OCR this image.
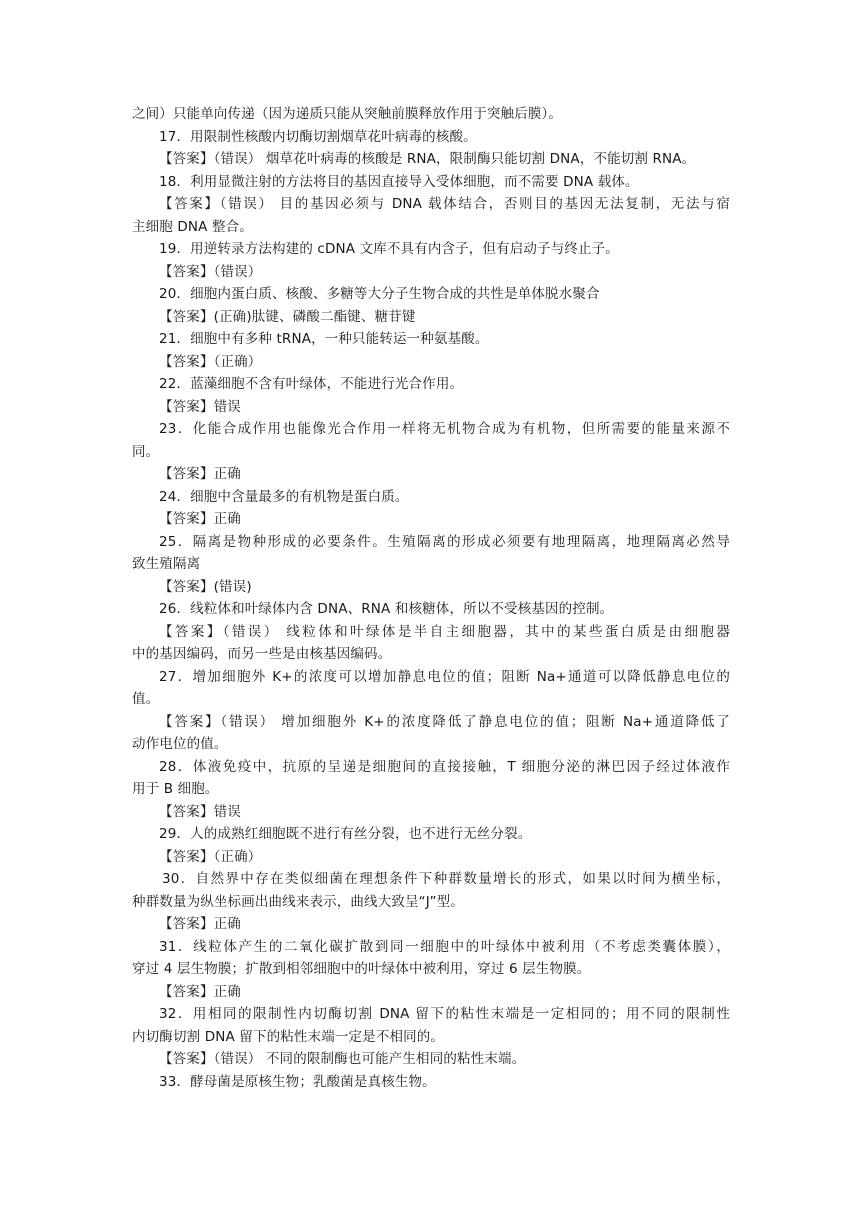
之间）只能单向传递（因为递质只能从突触前膜释放作用于突触后膜）。
17．用限制性核酸内切酶切割烟草花叶病毒的核酸。
【答案】（错误） 烟草花叶病毒的核酸是 RNA，限制酶只能切割 DNA，不能切割 RNA。
18．利用显微注射的方法将目的基因直接导入受体细胞，而不需要 DNA 载体。
【答案】（错误） 目的基因必须与 DNA 载体结合，否则目的基因无法复制，无法与宿
主细胞 DNA 整合。
19．用逆转录方法构建的 cDNA 文库不具有内含子，但有启动子与终止子。
【答案】（错误）
20．细胞内蛋白质、核酸、多糖等大分子生物合成的共性是单体脱水聚合
【答案】(正确)肽键、磷酸二酯键、糖苷键
21．细胞中有多种 tRNA，一种只能转运一种氨基酸。
【答案】（正确）
22．蓝藻细胞不含有叶绿体，不能进行光合作用。
【答案】错误
23．化能合成作用也能像光合作用一样将无机物合成为有机物，但所需要的能量来源不
同。
【答案】正确
24．细胞中含量最多的有机物是蛋白质。
【答案】正确
25．隔离是物种形成的必要条件。生殖隔离的形成必须要有地理隔离，地理隔离必然导
致生殖隔离
【答案】(错误)
26．线粒体和叶绿体内含 DNA、RNA 和核糖体，所以不受核基因的控制。
【答案】（错误） 线粒体和叶绿体是半自主细胞器，其中的某些蛋白质是由细胞器
中的基因编码，而另一些是由核基因编码。
27．增加细胞外 K+的浓度可以增加静息电位的值；阻断 Na+通道可以降低静息电位的
值。
【答案】（错误） 增加细胞外 K+的浓度降低了静息电位的值；阻断 Na+通道降低了
动作电位的值。
28．体液免疫中，抗原的呈递是细胞间的直接接触，T 细胞分泌的淋巴因子经过体液作
用于 B 细胞。
【答案】错误
29．人的成熟红细胞既不进行有丝分裂，也不进行无丝分裂。
【答案】（正确）
30．自然界中存在类似细菌在理想条件下种群数量增长的形式，如果以时间为横坐标，
种群数量为纵坐标画出曲线来表示，曲线大致呈“J”型。
【答案】正确
31．线粒体产生的二氧化碳扩散到同一细胞中的叶绿体中被利用（不考虑类囊体膜），
穿过 4 层生物膜；扩散到相邻细胞中的叶绿体中被利用，穿过 6 层生物膜。
【答案】正确
32．用相同的限制性内切酶切割 DNA 留下的粘性末端是一定相同的；用不同的限制性
内切酶切割 DNA 留下的粘性末端一定是不相同的。
【答案】（错误） 不同的限制酶也可能产生相同的粘性末端。
33．酵母菌是原核生物；乳酸菌是真核生物。
